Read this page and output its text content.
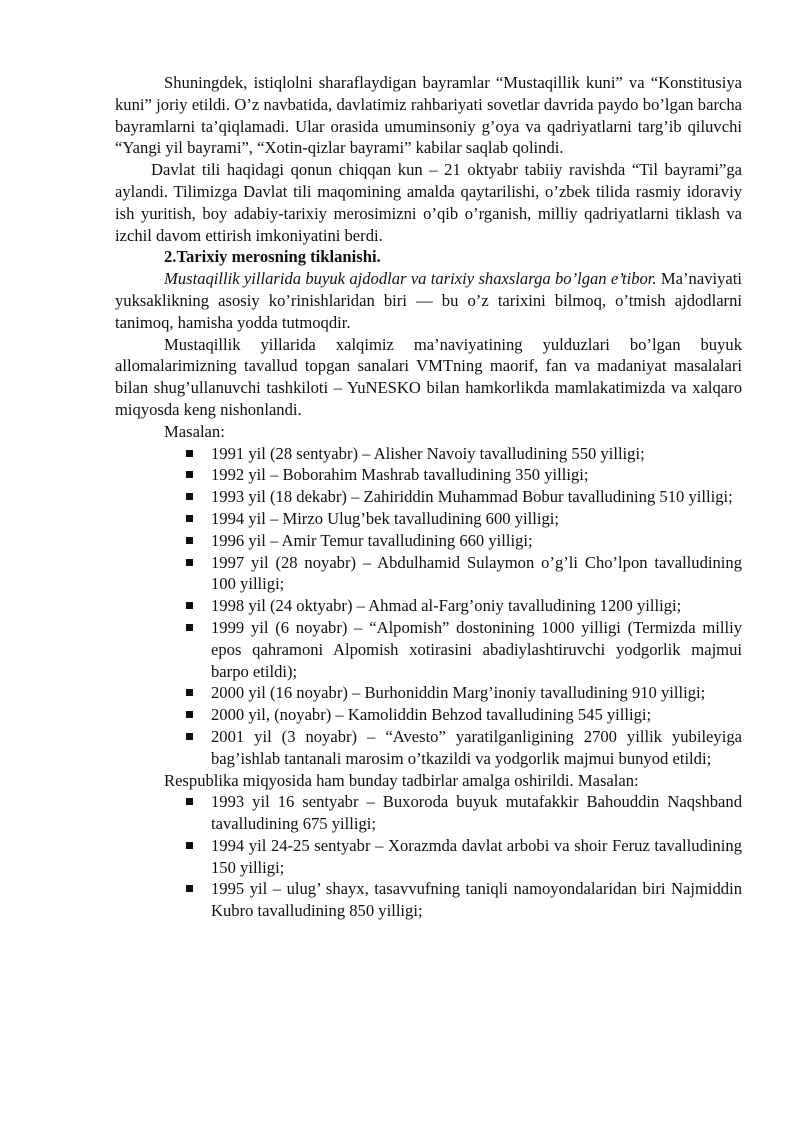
Shuningdek, istiqlolni sharaflaydigan bayramlar “Mustaqillik kuni” va “Konstitusiya kuni” joriy etildi. O’z navbatida, davlatimiz rahbariyati sovetlar davrida paydo bo’lgan barcha bayramlarni ta’qiqlamadi. Ular orasida umuminsoniy g’oya va qadriyatlarni targ’ib qiluvchi “Yangi yil bayrami”, “Xotin-qizlar bayrami” kabilar saqlab qolindi.

Davlat tili haqidagi qonun chiqqan kun – 21 oktyabr tabiiy ravishda “Til bayrami”ga aylandi. Tilimizga Davlat tili maqomining amalda qaytarilishi, o’zbek tilida rasmiy idoraviy ish yuritish, boy adabiy-tarixiy merosimizni o’qib o’rganish, milliy qadriyatlarni tiklash va izchil davom ettirish imkoniyatini berdi.

2.Tarixiy merosning tiklanishi.

Mustaqillik yillarida buyuk ajdodlar va tarixiy shaxslarga bo’lgan e’tibor. Ma’naviyati yuksaklikning asosiy ko’rinishlaridan biri — bu o’z tarixini bilmoq, o’tmish ajdodlarni tanimoq, hamisha yodda tutmoqdir.

Mustaqillik yillarida xalqimiz ma’naviyatining yulduzlari bo’lgan buyuk allomalarimizning tavallud topgan sanalari VMTning maorif, fan va madaniyat masalalari bilan shug’ullanuvchi tashkiloti – YuNESKO bilan hamkorlikda mamlakatimizda va xalqaro miqyosda keng nishonlandi.

Masalan:

1991 yil (28 sentyabr) – Alisher Navoiy tavalludining 550 yilligi;
1992 yil – Boborahim Mashrab tavalludining 350 yilligi;
1993 yil (18 dekabr) – Zahiriddin Muhammad Bobur tavalludining 510 yilligi;
1994 yil – Mirzo Ulug’bek tavalludining 600 yilligi;
1996 yil – Amir Temur tavalludining 660 yilligi;
1997 yil (28 noyabr) – Abdulhamid Sulaymon o’g’li Cho’lpon tavalludining 100 yilligi;
1998 yil (24 oktyabr) – Ahmad al-Farg’oniy tavalludining 1200 yilligi;
1999 yil (6 noyabr) – “Alpomish” dostonining 1000 yilligi (Termizda milliy epos qahramoni Alpomish xotirasini abadiylashtiruvchi yodgorlik majmui barpo etildi);
2000 yil (16 noyabr) – Burhoniddin Marg’inoniy tavalludining 910 yilligi;
2000 yil, (noyabr) – Kamoliddin Behzod tavalludining 545 yilligi;
2001 yil (3 noyabr) – “Avesto” yaratilganligining 2700 yillik yubileyiga bag’ishlab tantanali marosim o’tkazildi va yodgorlik majmui bunyod etildi;

Respublika miqyosida ham bunday tadbirlar amalga oshirildi. Masalan:

1993 yil 16 sentyabr – Buxoroda buyuk mutafakkir Bahouddin Naqshband tavalludining 675 yilligi;
1994 yil 24-25 sentyabr – Xorazmda davlat arbobi va shoir Feruz tavalludining 150 yilligi;
1995 yil – ulug’ shayx, tasavvufning taniqli namoyondalaridan biri Najmiddin Kubro tavalludining 850 yilligi;
